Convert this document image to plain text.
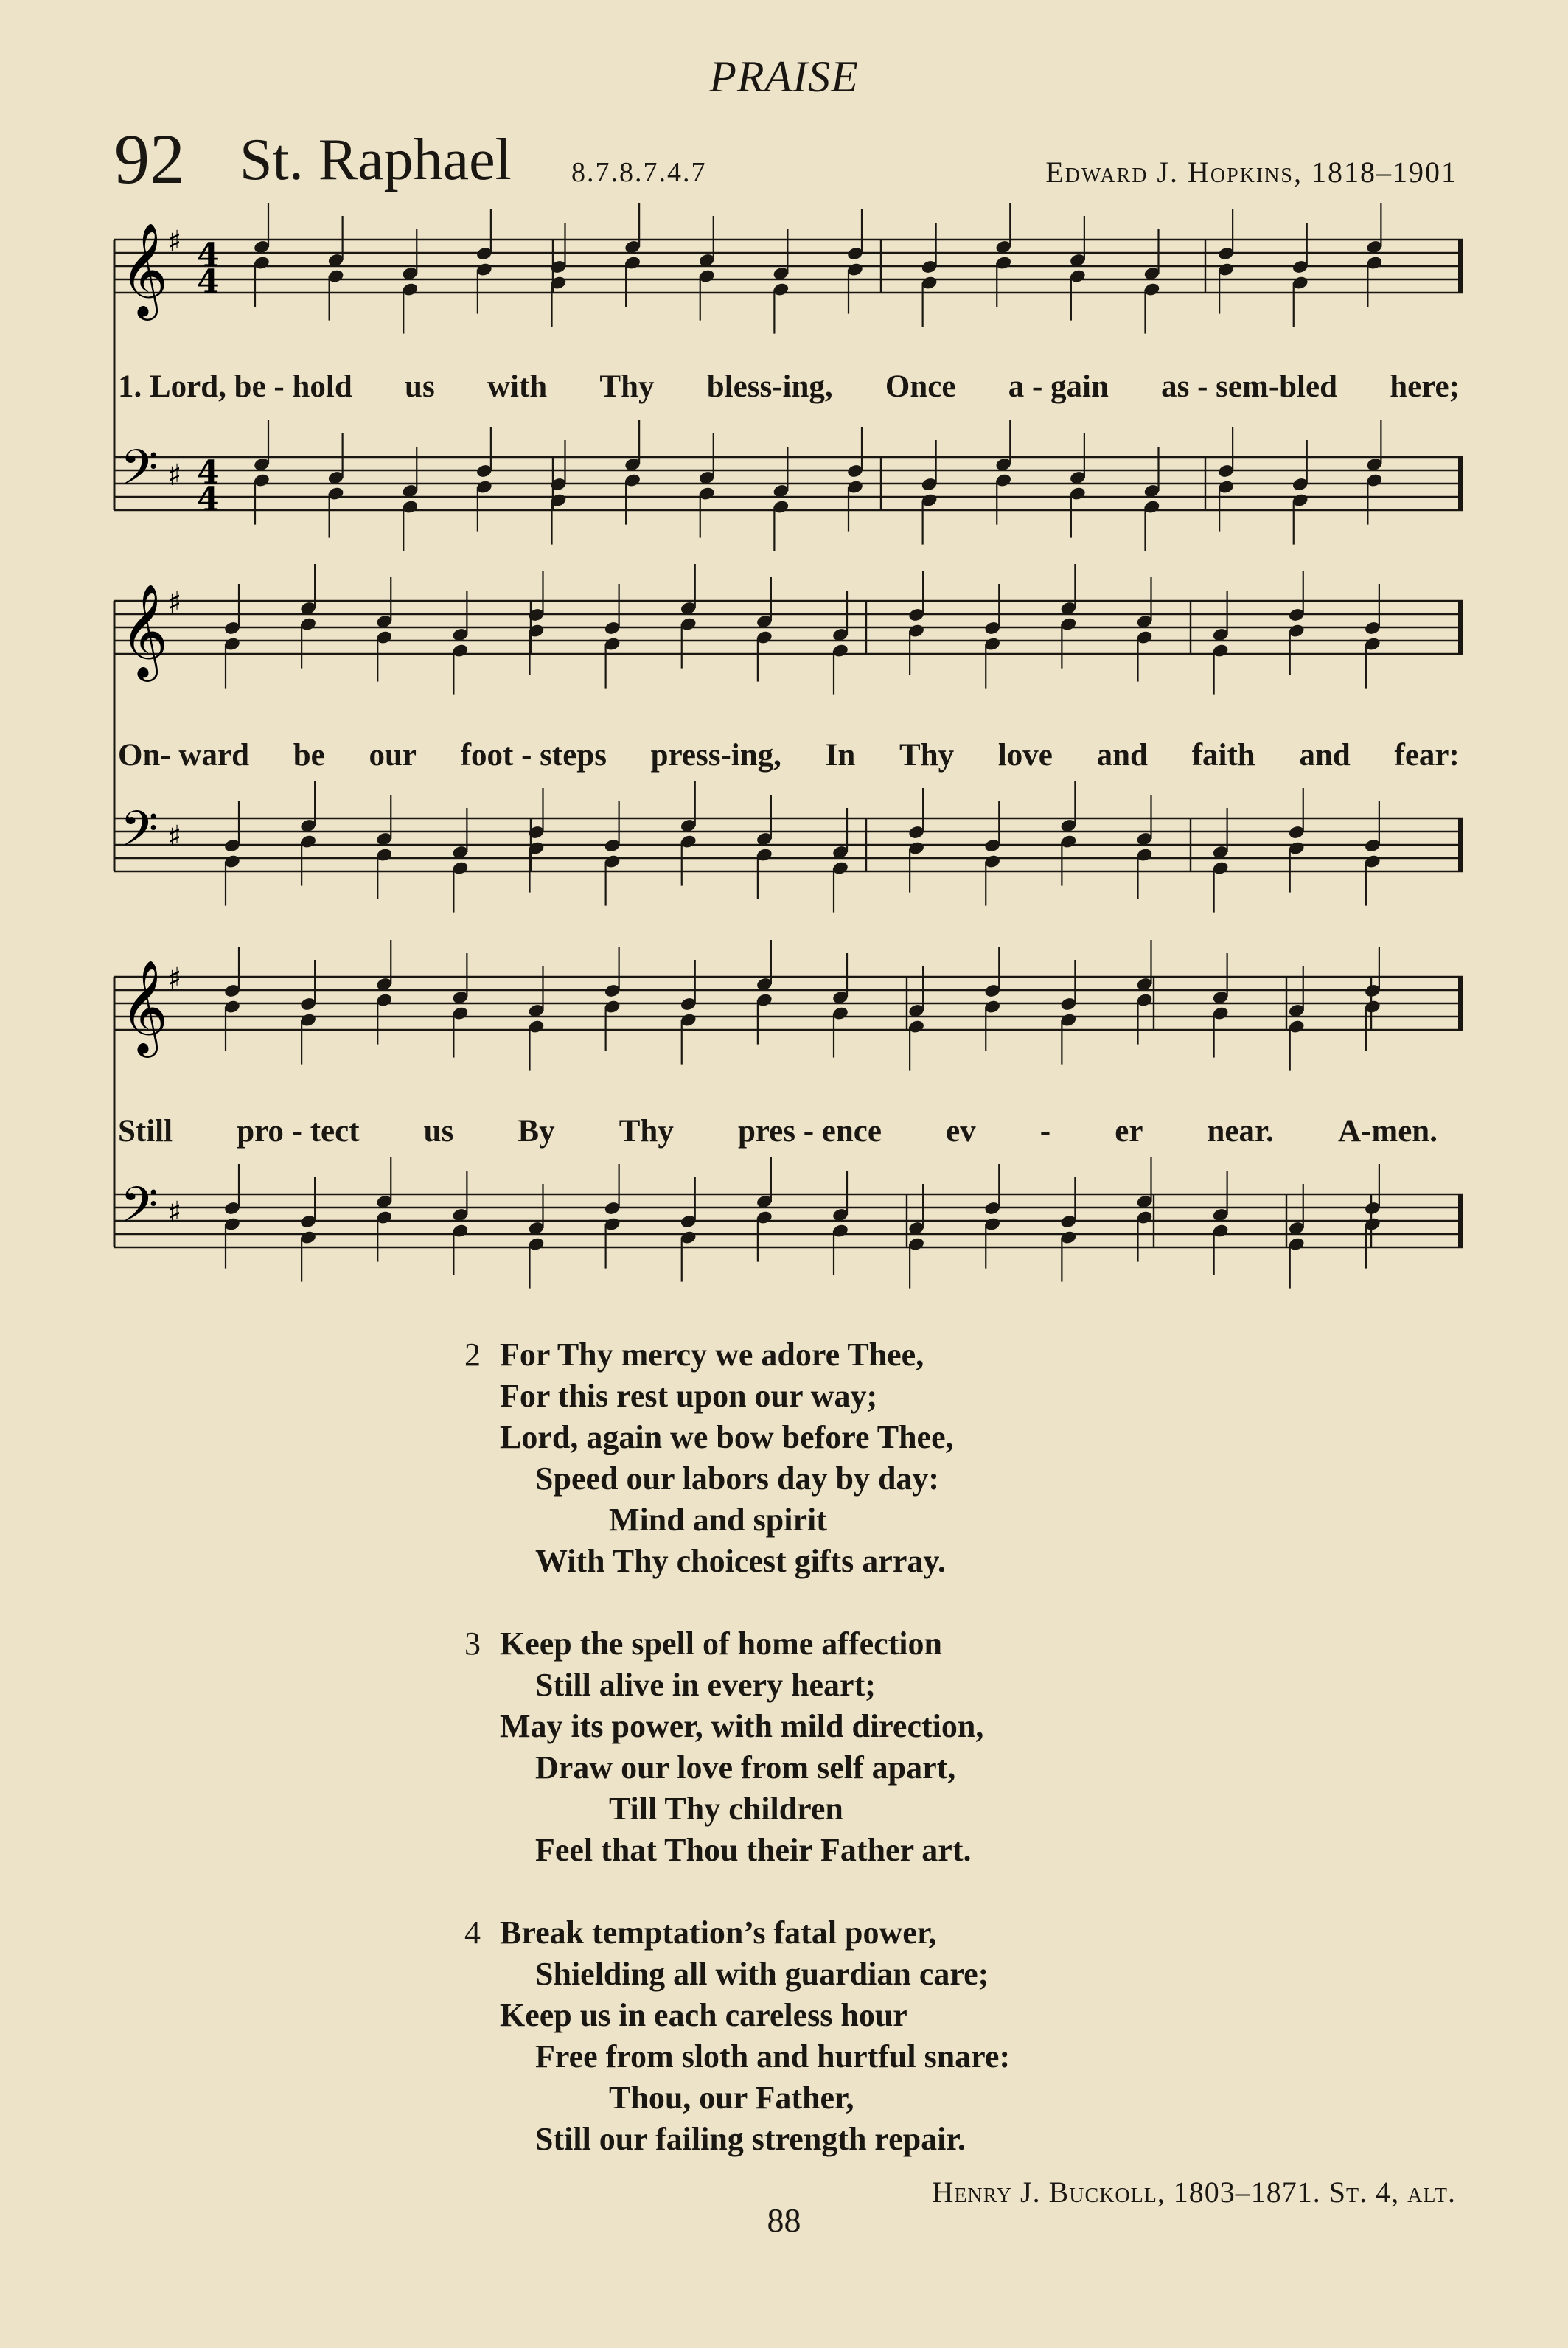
PRAISE
92 St. Raphael 8.7.8.7.4.7	Edward J. Hopkins, 1818–1901
𝄞
♯ 4
4
𝄢 ♯ 4
4
𝄞
♯
𝄢 ♯
𝄞
♯
𝄢 ♯
1. Lord, be - hold us with Thy bless-ing, Once a - gain as - sem-bled here;
On- ward be our foot - steps press-ing, In Thy love and faith and fear:
Still pro - tect us By Thy pres - ence ev - er near. A-men.
2 For Thy mercy we adore Thee,
For this rest upon our way;
Lord, again we bow before Thee,
Speed our labors day by day:
Mind and spirit
With Thy choicest gifts array.
3 Keep the spell of home affection
Still alive in every heart;
May its power, with mild direction,
Draw our love from self apart,
Till Thy children
Feel that Thou their Father art.
4 Break temptation’s fatal power,
Shielding all with guardian care;
Keep us in each careless hour
Free from sloth and hurtful snare:
Thou, our Father,
Still our failing strength repair.
Henry J. Buckoll, 1803–1871. St. 4, alt.
88
